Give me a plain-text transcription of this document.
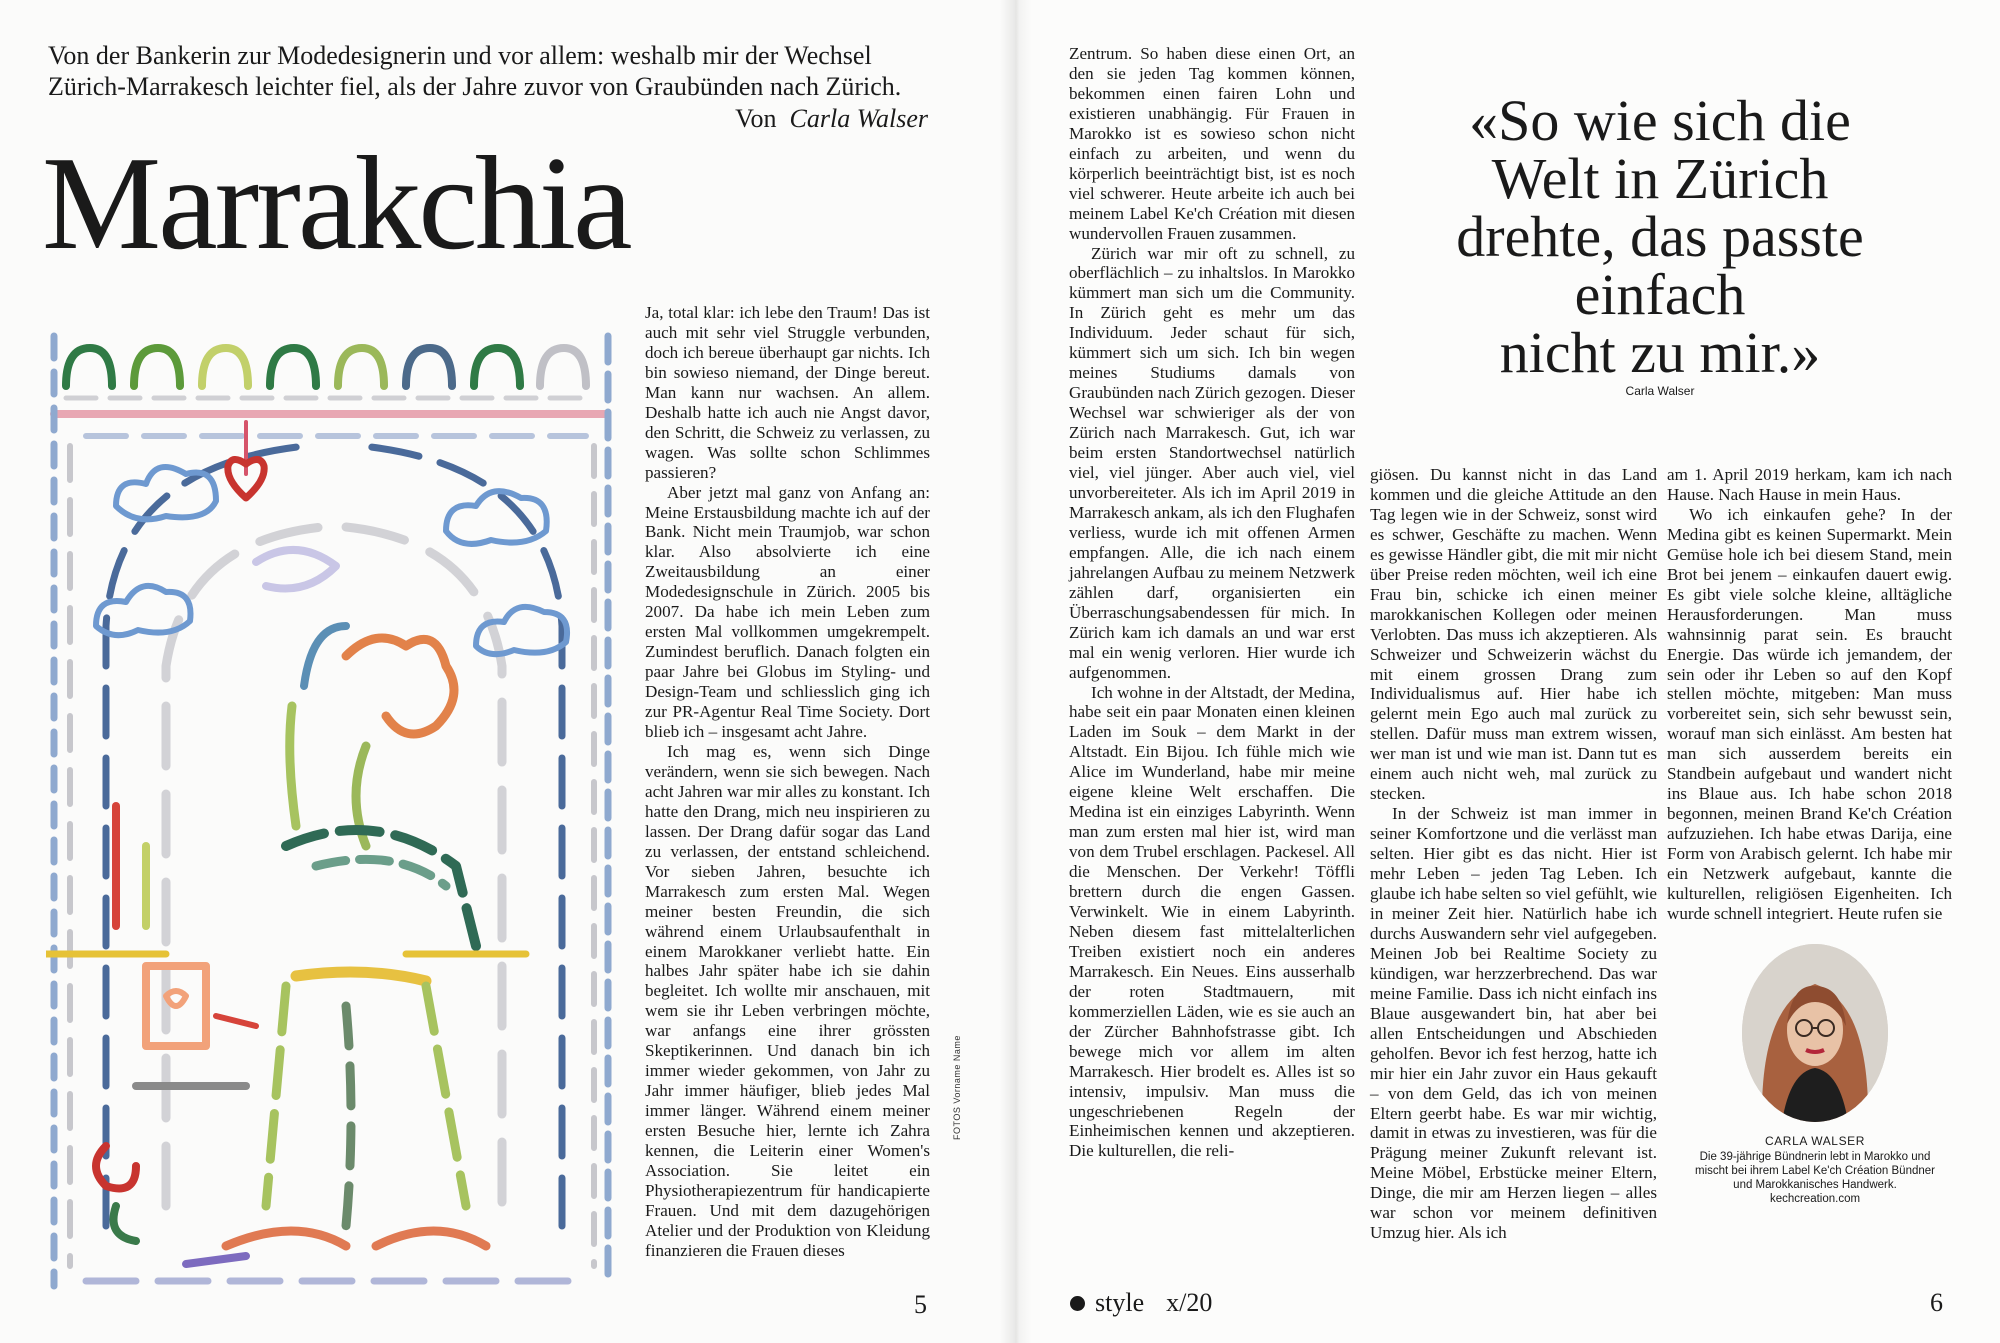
Von der Bankerin zur Modedesignerin und vor allem: weshalb mir der Wechsel Zürich-Marrakesch leichter fiel, als der Jahre zuvor von Graubünden nach Zürich.
Von Carla Walser
Marrakchia

Ja, total klar: ich lebe den Traum! Das ist auch mit sehr viel Struggle verbunden, doch ich bereue überhaupt gar nichts. Ich bin sowieso niemand, der Dinge bereut. Man kann nur wachsen. An allem. Deshalb hatte ich auch nie Angst davor, den Schritt, die Schweiz zu verlassen, zu wagen. Was sollte schon Schlimmes passieren?

Aber jetzt mal ganz von Anfang an: Meine Erstausbildung machte ich auf der Bank. Nicht mein Traumjob, war schon klar. Also absolvierte ich eine Zweitausbildung an einer Modedesignschule in Zürich. 2005 bis 2007. Da habe ich mein Leben zum ersten Mal vollkommen umgekrempelt. Zumindest beruflich. Danach folgten ein paar Jahre bei Globus im Styling- und Design-Team und schliesslich ging ich zur PR-Agentur Real Time Society. Dort blieb ich – insgesamt acht Jahre.

Ich mag es, wenn sich Dinge verändern, wenn sie sich bewegen. Nach acht Jahren war mir alles zu konstant. Ich hatte den Drang, mich neu inspirieren zu lassen. Der Drang dafür sogar das Land zu verlassen, der entstand schleichend. Vor sieben Jahren, besuchte ich Marrakesch zum ersten Mal. Wegen meiner besten Freundin, die sich während einem Urlaubsaufenthalt in einem Marokkaner verliebt hatte. Ein halbes Jahr später habe ich sie dahin begleitet. Ich wollte mir anschauen, mit wem sie ihr Leben verbringen möchte, war anfangs eine ihrer grössten Skeptikerinnen. Und danach bin ich immer wieder gekommen, von Jahr zu Jahr immer häufiger, blieb jedes Mal immer länger. Während einem meiner ersten Besuche hier, lernte ich Zahra kennen, die Leiterin einer Women's Association. Sie leitet ein Physiotherapiezentrum für handicapierte Frauen. Und mit dem dazugehörigen Atelier und der Produktion von Kleidung finanzieren die Frauen dieses

FOTOS Vorname Name
5

Zentrum. So haben diese einen Ort, an den sie jeden Tag kommen können, bekommen einen fairen Lohn und existieren unabhängig. Für Frauen in Marokko ist es sowieso schon nicht einfach zu arbeiten, und wenn du körperlich beeinträchtigt bist, ist es noch viel schwerer. Heute arbeite ich auch bei meinem Label Ke'ch Création mit diesen wundervollen Frauen zusammen.

Zürich war mir oft zu schnell, zu oberflächlich – zu inhaltslos. In Marokko kümmert man sich um die Community. In Zürich geht es mehr um das Individuum. Jeder schaut für sich, kümmert sich um sich. Ich bin wegen meines Studiums damals von Graubünden nach Zürich gezogen. Dieser Wechsel war schwieriger als der von Zürich nach Marrakesch. Gut, ich war beim ersten Standortwechsel natürlich viel, viel jünger. Aber auch viel, viel unvorbereiteter. Als ich im April 2019 in Marrakesch ankam, als ich den Flughafen verliess, wurde ich mit offenen Armen empfangen. Alle, die ich nach einem jahrelangen Aufbau zu meinem Netzwerk zählen darf, organisierten ein Überraschungsabendessen für mich. In Zürich kam ich damals an und war erst mal ein wenig verloren. Hier wurde ich aufgenommen.

Ich wohne in der Altstadt, der Medina, habe seit ein paar Monaten einen kleinen Laden im Souk – dem Markt in der Altstadt. Ein Bijou. Ich fühle mich wie Alice im Wunderland, habe mir meine eigene kleine Welt erschaffen. Die Medina ist ein einziges Labyrinth. Wenn man zum ersten mal hier ist, wird man von dem Trubel erschlagen. Packesel. All die Menschen. Der Verkehr! Töffli brettern durch die engen Gassen. Verwinkelt. Wie in einem Labyrinth. Neben diesem fast mittelalterlichen Treiben existiert noch ein anderes Marrakesch. Ein Neues. Eins ausserhalb der roten Stadtmauern, mit kommerziellen Läden, wie es sie auch an der Zürcher Bahnhofstrasse gibt. Ich bewege mich vor allem im alten Marrakesch. Hier brodelt es. Alles ist so intensiv, impulsiv. Man muss die ungeschriebenen Regeln der Einheimischen kennen und akzeptieren. Die kulturellen, die reli-

«So wie sich die
Welt in Zürich
drehte, das passte
einfach
nicht zu mir.»
Carla Walser

giösen. Du kannst nicht in das Land kommen und die gleiche Attitude an den Tag legen wie in der Schweiz, sonst wird es schwer, Geschäfte zu machen. Wenn es gewisse Händler gibt, die mit mir nicht über Preise reden möchten, weil ich eine Frau bin, schicke ich einen meiner marokkanischen Kollegen oder meinen Verlobten. Das muss ich akzeptieren. Als Schweizer und Schweizerin wächst du mit einem grossen Drang zum Individualismus auf. Hier habe ich gelernt mein Ego auch mal zurück zu stellen. Dafür muss man extrem wissen, wer man ist und wie man ist. Dann tut es einem auch nicht weh, mal zurück zu stecken.

In der Schweiz ist man immer in seiner Komfortzone und die verlässt man selten. Hier gibt es das nicht. Hier ist mehr Leben – jeden Tag Leben. Ich glaube ich habe selten so viel gefühlt, wie in meiner Zeit hier. Natürlich habe ich durchs Auswandern sehr viel aufgegeben. Meinen Job bei Realtime Society zu kündigen, war herzzerbrechend. Das war meine Familie. Dass ich nicht einfach ins Blaue ausgewandert bin, hat aber bei allen Entscheidungen und Abschieden geholfen. Bevor ich fest herzog, hatte ich mir hier ein Jahr zuvor ein Haus gekauft – von dem Geld, das ich von meinen Eltern geerbt habe. Es war mir wichtig, damit in etwas zu investieren, was für die Prägung meiner Zukunft relevant ist. Meine Möbel, Erbstücke meiner Eltern, Dinge, die mir am Herzen liegen – alles war schon vor meinem definitiven Umzug hier. Als ich

am 1. April 2019 herkam, kam ich nach Hause. Nach Hause in mein Haus.

Wo ich einkaufen gehe? In der Medina gibt es keinen Supermarkt. Mein Gemüse hole ich bei diesem Stand, mein Brot bei jenem – einkaufen dauert ewig. Es gibt viele solche kleine, alltägliche Herausforderungen. Man muss wahnsinnig parat sein. Es braucht Energie. Das würde ich jemandem, der sein oder ihr Leben so auf den Kopf stellen möchte, mitgeben: Man muss vorbereitet sein, sich sehr bewusst sein, worauf man sich einlässt. Am besten hat man sich ausserdem bereits ein Standbein aufgebaut und wandert nicht ins Blaue aus. Ich habe schon 2018 begonnen, meinen Brand Ke'ch Création aufzuziehen. Ich habe etwas Darija, eine Form von Arabisch gelernt. Ich habe mir ein Netzwerk aufgebaut, kannte die kulturellen, religiösen Eigenheiten. Ich wurde schnell integriert. Heute rufen sie

CARLA WALSER
Die 39-jährige Bündnerin lebt in Marokko und mischt bei ihrem Label Ke'ch Création Bündner und Marokkanisches Handwerk. kechcreation.com
style x/20	6
